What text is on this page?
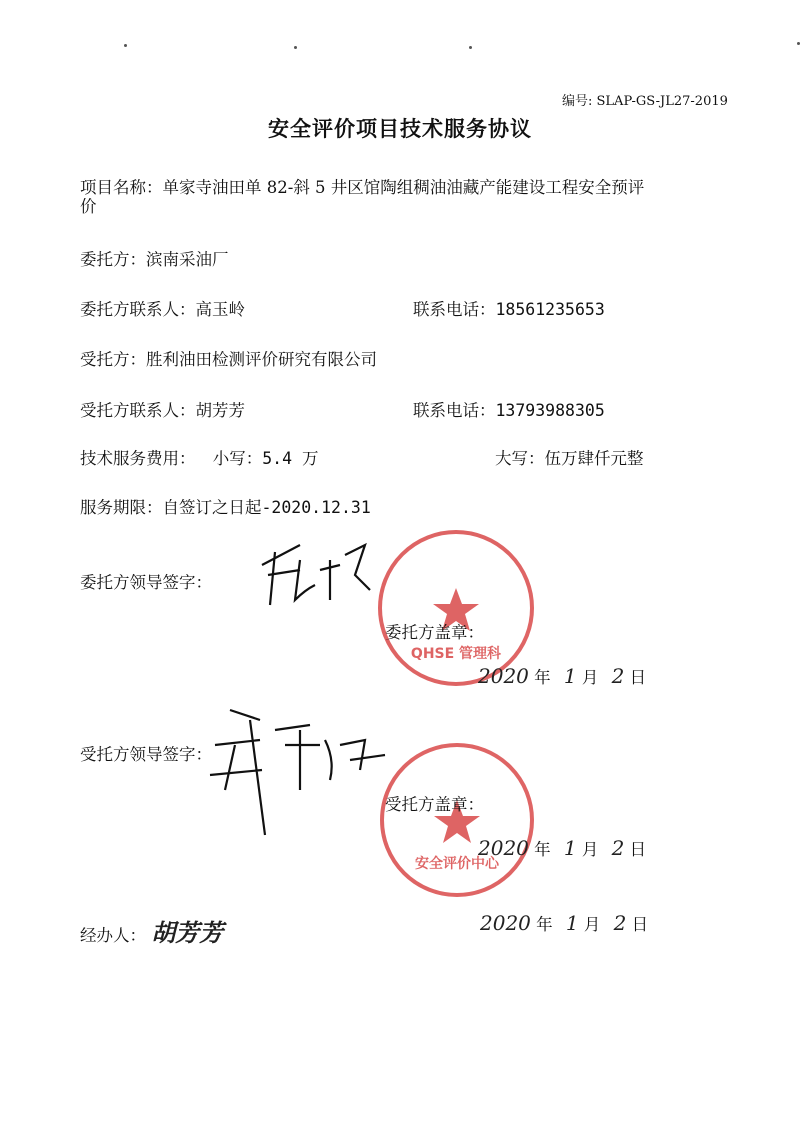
QHSE 管理科
安全评价中心
编号: SLAP-GS-JL27-2019
安全评价项目技术服务协议
项目名称：单家寺油田单 82-斜 5 井区馆陶组稠油油藏产能建设工程安全预评
价
委托方：滨南采油厂
委托方联系人：高玉岭	联系电话：18561235653
受托方：胜利油田检测评价研究有限公司
受托方联系人：胡芳芳	联系电话：13793988305
技术服务费用： 小写：5.4 万	大写：伍万肆仟元整
服务期限：自签订之日起-2020.12.31
委托方领导签字：
委托方盖章：
2020 年 1 月 2 日
受托方领导签字：
受托方盖章：
2020 年 1 月 2 日
经办人： 胡芳芳	2020 年 1 月 2 日
